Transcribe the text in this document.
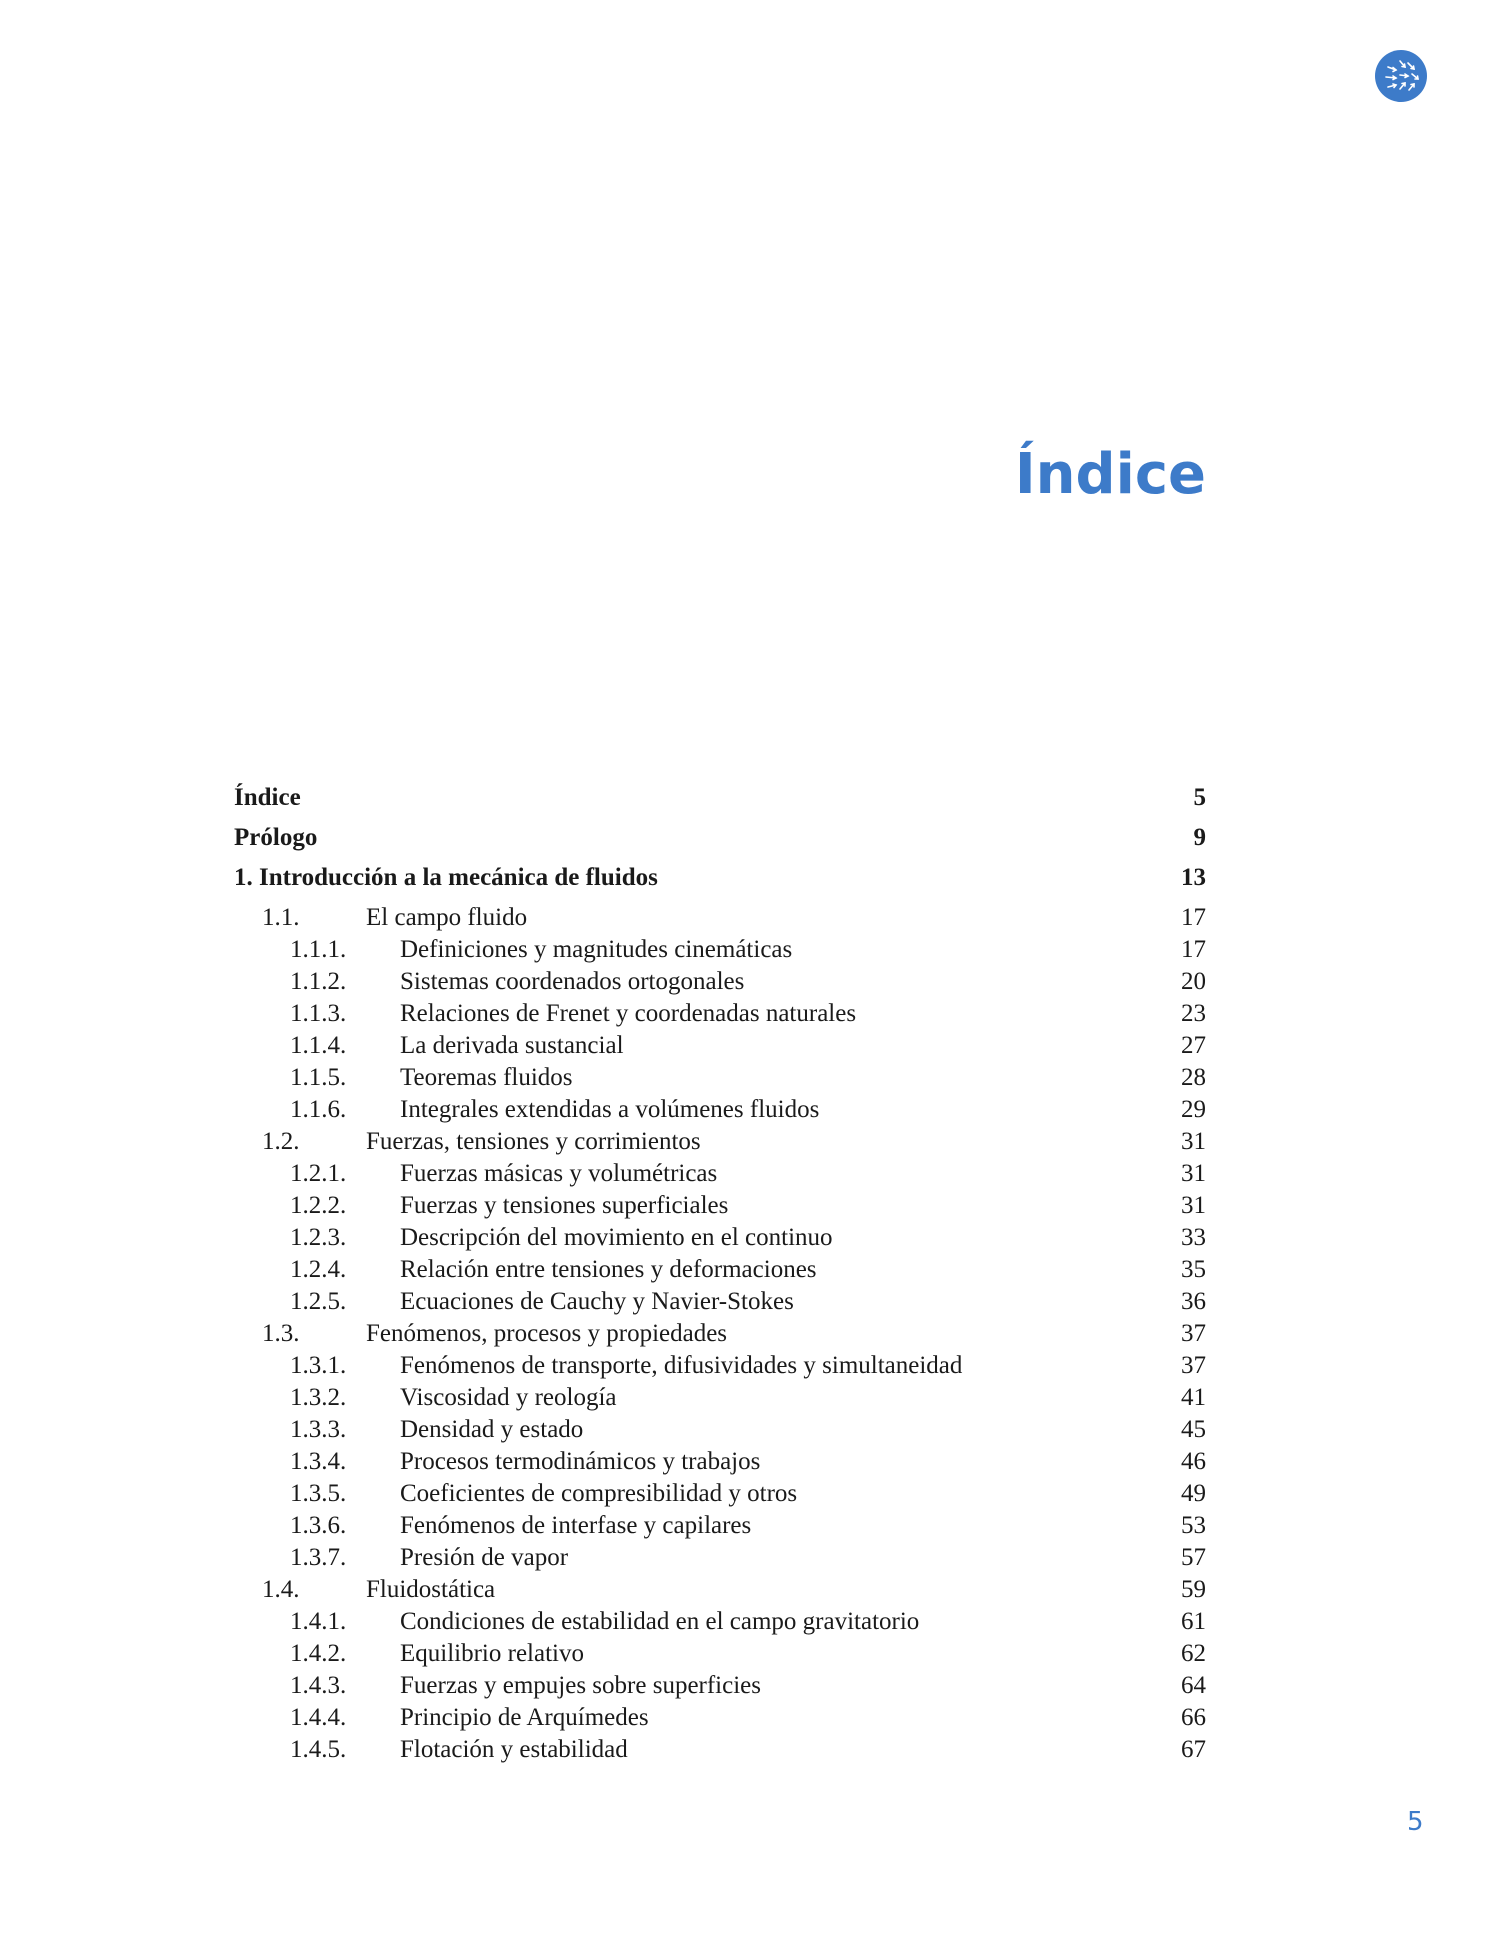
Índice
Índice	5
Prólogo	9
1. Introducción a la mecánica de fluidos	13
1.1.	El campo fluido	17
1.1.1. Definiciones y magnitudes cinemáticas	17
1.1.2. Sistemas coordenados ortogonales	20
1.1.3. Relaciones de Frenet y coordenadas naturales	23
1.1.4. La derivada sustancial	27
1.1.5. Teoremas fluidos	28
1.1.6. Integrales extendidas a volúmenes fluidos	29
1.2.	Fuerzas, tensiones y corrimientos	31
1.2.1. Fuerzas másicas y volumétricas	31
1.2.2. Fuerzas y tensiones superficiales	31
1.2.3. Descripción del movimiento en el continuo	33
1.2.4. Relación entre tensiones y deformaciones	35
1.2.5. Ecuaciones de Cauchy y Navier-Stokes	36
1.3.	Fenómenos, procesos y propiedades	37
1.3.1. Fenómenos de transporte, difusividades y simultaneidad	37
1.3.2. Viscosidad y reología	41
1.3.3. Densidad y estado	45
1.3.4. Procesos termodinámicos y trabajos	46
1.3.5. Coeficientes de compresibilidad y otros	49
1.3.6. Fenómenos de interfase y capilares	53
1.3.7. Presión de vapor	57
1.4.	Fluidostática	59
1.4.1. Condiciones de estabilidad en el campo gravitatorio	61
1.4.2. Equilibrio relativo	62
1.4.3. Fuerzas y empujes sobre superficies	64
1.4.4. Principio de Arquímedes	66
1.4.5. Flotación y estabilidad	67
5
